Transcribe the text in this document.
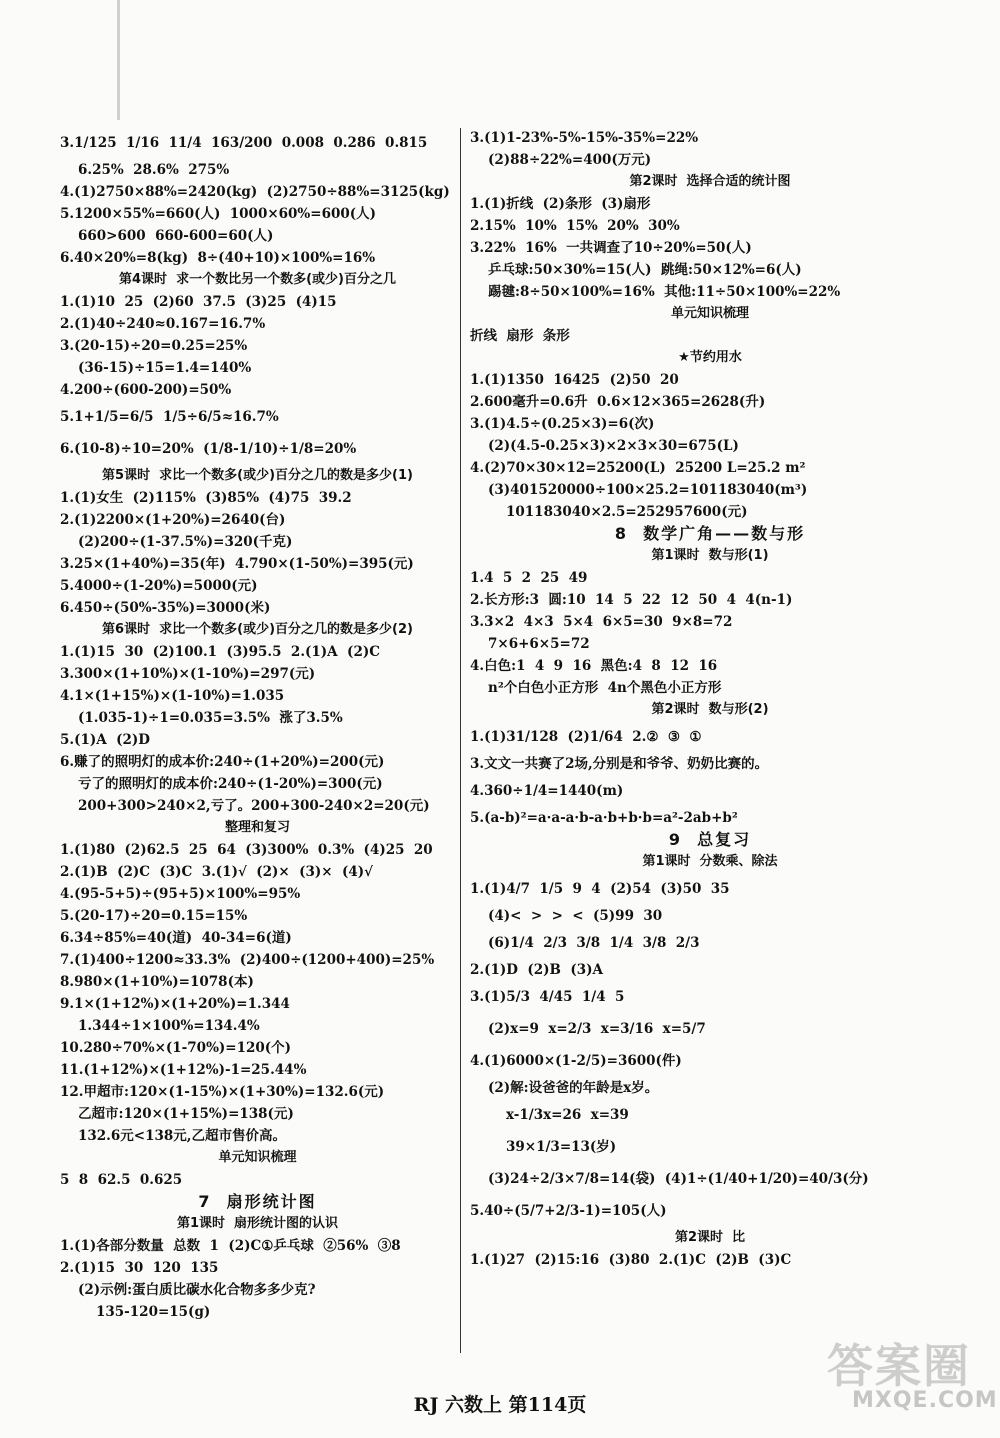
3.1/125  1/16  11/4  163/200  0.008  0.286  0.815
6.25%  28.6%  275%
4.(1)2750×88%=2420(kg)  (2)2750÷88%=3125(kg)
5.1200×55%=660(人)  1000×60%=600(人)
660>600  660-600=60(人)
6.40×20%=8(kg)  8÷(40+10)×100%=16%
第4课时  求一个数比另一个数多(或少)百分之几
1.(1)10  25  (2)60  37.5  (3)25  (4)15
2.(1)40÷240≈0.167=16.7%
3.(20-15)÷20=0.25=25%
(36-15)÷15=1.4=140%
4.200÷(600-200)=50%
5.1+1/5=6/5  1/5÷6/5≈16.7%
6.(10-8)÷10=20%  (1/8-1/10)÷1/8=20%
第5课时  求比一个数多(或少)百分之几的数是多少(1)
1.(1)女生  (2)115%  (3)85%  (4)75  39.2
2.(1)2200×(1+20%)=2640(台)
(2)200÷(1-37.5%)=320(千克)
3.25×(1+40%)=35(年)  4.790×(1-50%)=395(元)
5.4000÷(1-20%)=5000(元)
6.450÷(50%-35%)=3000(米)
第6课时  求比一个数多(或少)百分之几的数是多少(2)
1.(1)15  30  (2)100.1  (3)95.5  2.(1)A  (2)C
3.300×(1+10%)×(1-10%)=297(元)
4.1×(1+15%)×(1-10%)=1.035
(1.035-1)÷1=0.035=3.5%  涨了3.5%
5.(1)A  (2)D
6.赚了的照明灯的成本价:240÷(1+20%)=200(元)
亏了的照明灯的成本价:240÷(1-20%)=300(元)
200+300>240×2,亏了。200+300-240×2=20(元)
整理和复习
1.(1)80  (2)62.5  25  64  (3)300%  0.3%  (4)25  20
2.(1)B  (2)C  (3)C  3.(1)√  (2)×  (3)×  (4)√
4.(95-5+5)÷(95+5)×100%=95%
5.(20-17)÷20=0.15=15%
6.34÷85%=40(道)  40-34=6(道)
7.(1)400÷1200≈33.3%  (2)400÷(1200+400)=25%
8.980×(1+10%)=1078(本)
9.1×(1+12%)×(1+20%)=1.344
1.344÷1×100%=134.4%
10.280÷70%×(1-70%)=120(个)
11.(1+12%)×(1+12%)-1=25.44%
12.甲超市:120×(1-15%)×(1+30%)=132.6(元)
乙超市:120×(1+15%)=138(元)
132.6元<138元,乙超市售价高。
单元知识梳理
5  8  62.5  0.625
7  扇形统计图
第1课时  扇形统计图的认识
1.(1)各部分数量  总数  1  (2)C①乒乓球  ②56%  ③8
2.(1)15  30  120  135
(2)示例:蛋白质比碳水化合物多多少克?
135-120=15(g)
3.(1)1-23%-5%-15%-35%=22%
(2)88÷22%=400(万元)
第2课时  选择合适的统计图
1.(1)折线  (2)条形  (3)扇形
2.15%  10%  15%  20%  30%
3.22%  16%  一共调查了10÷20%=50(人)
乒乓球:50×30%=15(人)  跳绳:50×12%=6(人)
踢毽:8÷50×100%=16%  其他:11÷50×100%=22%
单元知识梳理
折线  扇形  条形
★节约用水
1.(1)1350  16425  (2)50  20
2.600毫升=0.6升  0.6×12×365=2628(升)
3.(1)4.5÷(0.25×3)=6(次)
(2)(4.5-0.25×3)×2×3×30=675(L)
4.(2)70×30×12=25200(L)  25200 L=25.2 m²
(3)401520000÷100×25.2=101183040(m³)
101183040×2.5=252957600(元)
8  数学广角——数与形
第1课时  数与形(1)
1.4  5  2  25  49
2.长方形:3  圆:10  14  5  22  12  50  4  4(n-1)
3.3×2  4×3  5×4  6×5=30  9×8=72
7×6+6×5=72
4.白色:1  4  9  16  黑色:4  8  12  16
n²个白色小正方形  4n个黑色小正方形
第2课时  数与形(2)
1.(1)31/128  (2)1/64  2.②  ③  ①
3.文文一共赛了2场,分别是和爷爷、奶奶比赛的。
4.360÷1/4=1440(m)
5.(a-b)²=a·a-a·b-a·b+b·b=a²-2ab+b²
9  总复习
第1课时  分数乘、除法
1.(1)4/7  1/5  9  4  (2)54  (3)50  35
(4)<  >  >  <  (5)99  30
(6)1/4  2/3  3/8  1/4  3/8  2/3
2.(1)D  (2)B  (3)A
3.(1)5/3  4/45  1/4  5
(2)x=9  x=2/3  x=3/16  x=5/7
4.(1)6000×(1-2/5)=3600(件)
(2)解:设爸爸的年龄是x岁。
x-1/3x=26  x=39
39×1/3=13(岁)
(3)24÷2/3×7/8=14(袋)  (4)1÷(1/40+1/20)=40/3(分)
5.40÷(5/7+2/3-1)=105(人)
第2课时  比
1.(1)27  (2)15:16  (3)80  2.(1)C  (2)B  (3)C
RJ 六数上 第114页
答案圈
MXQE.COM
